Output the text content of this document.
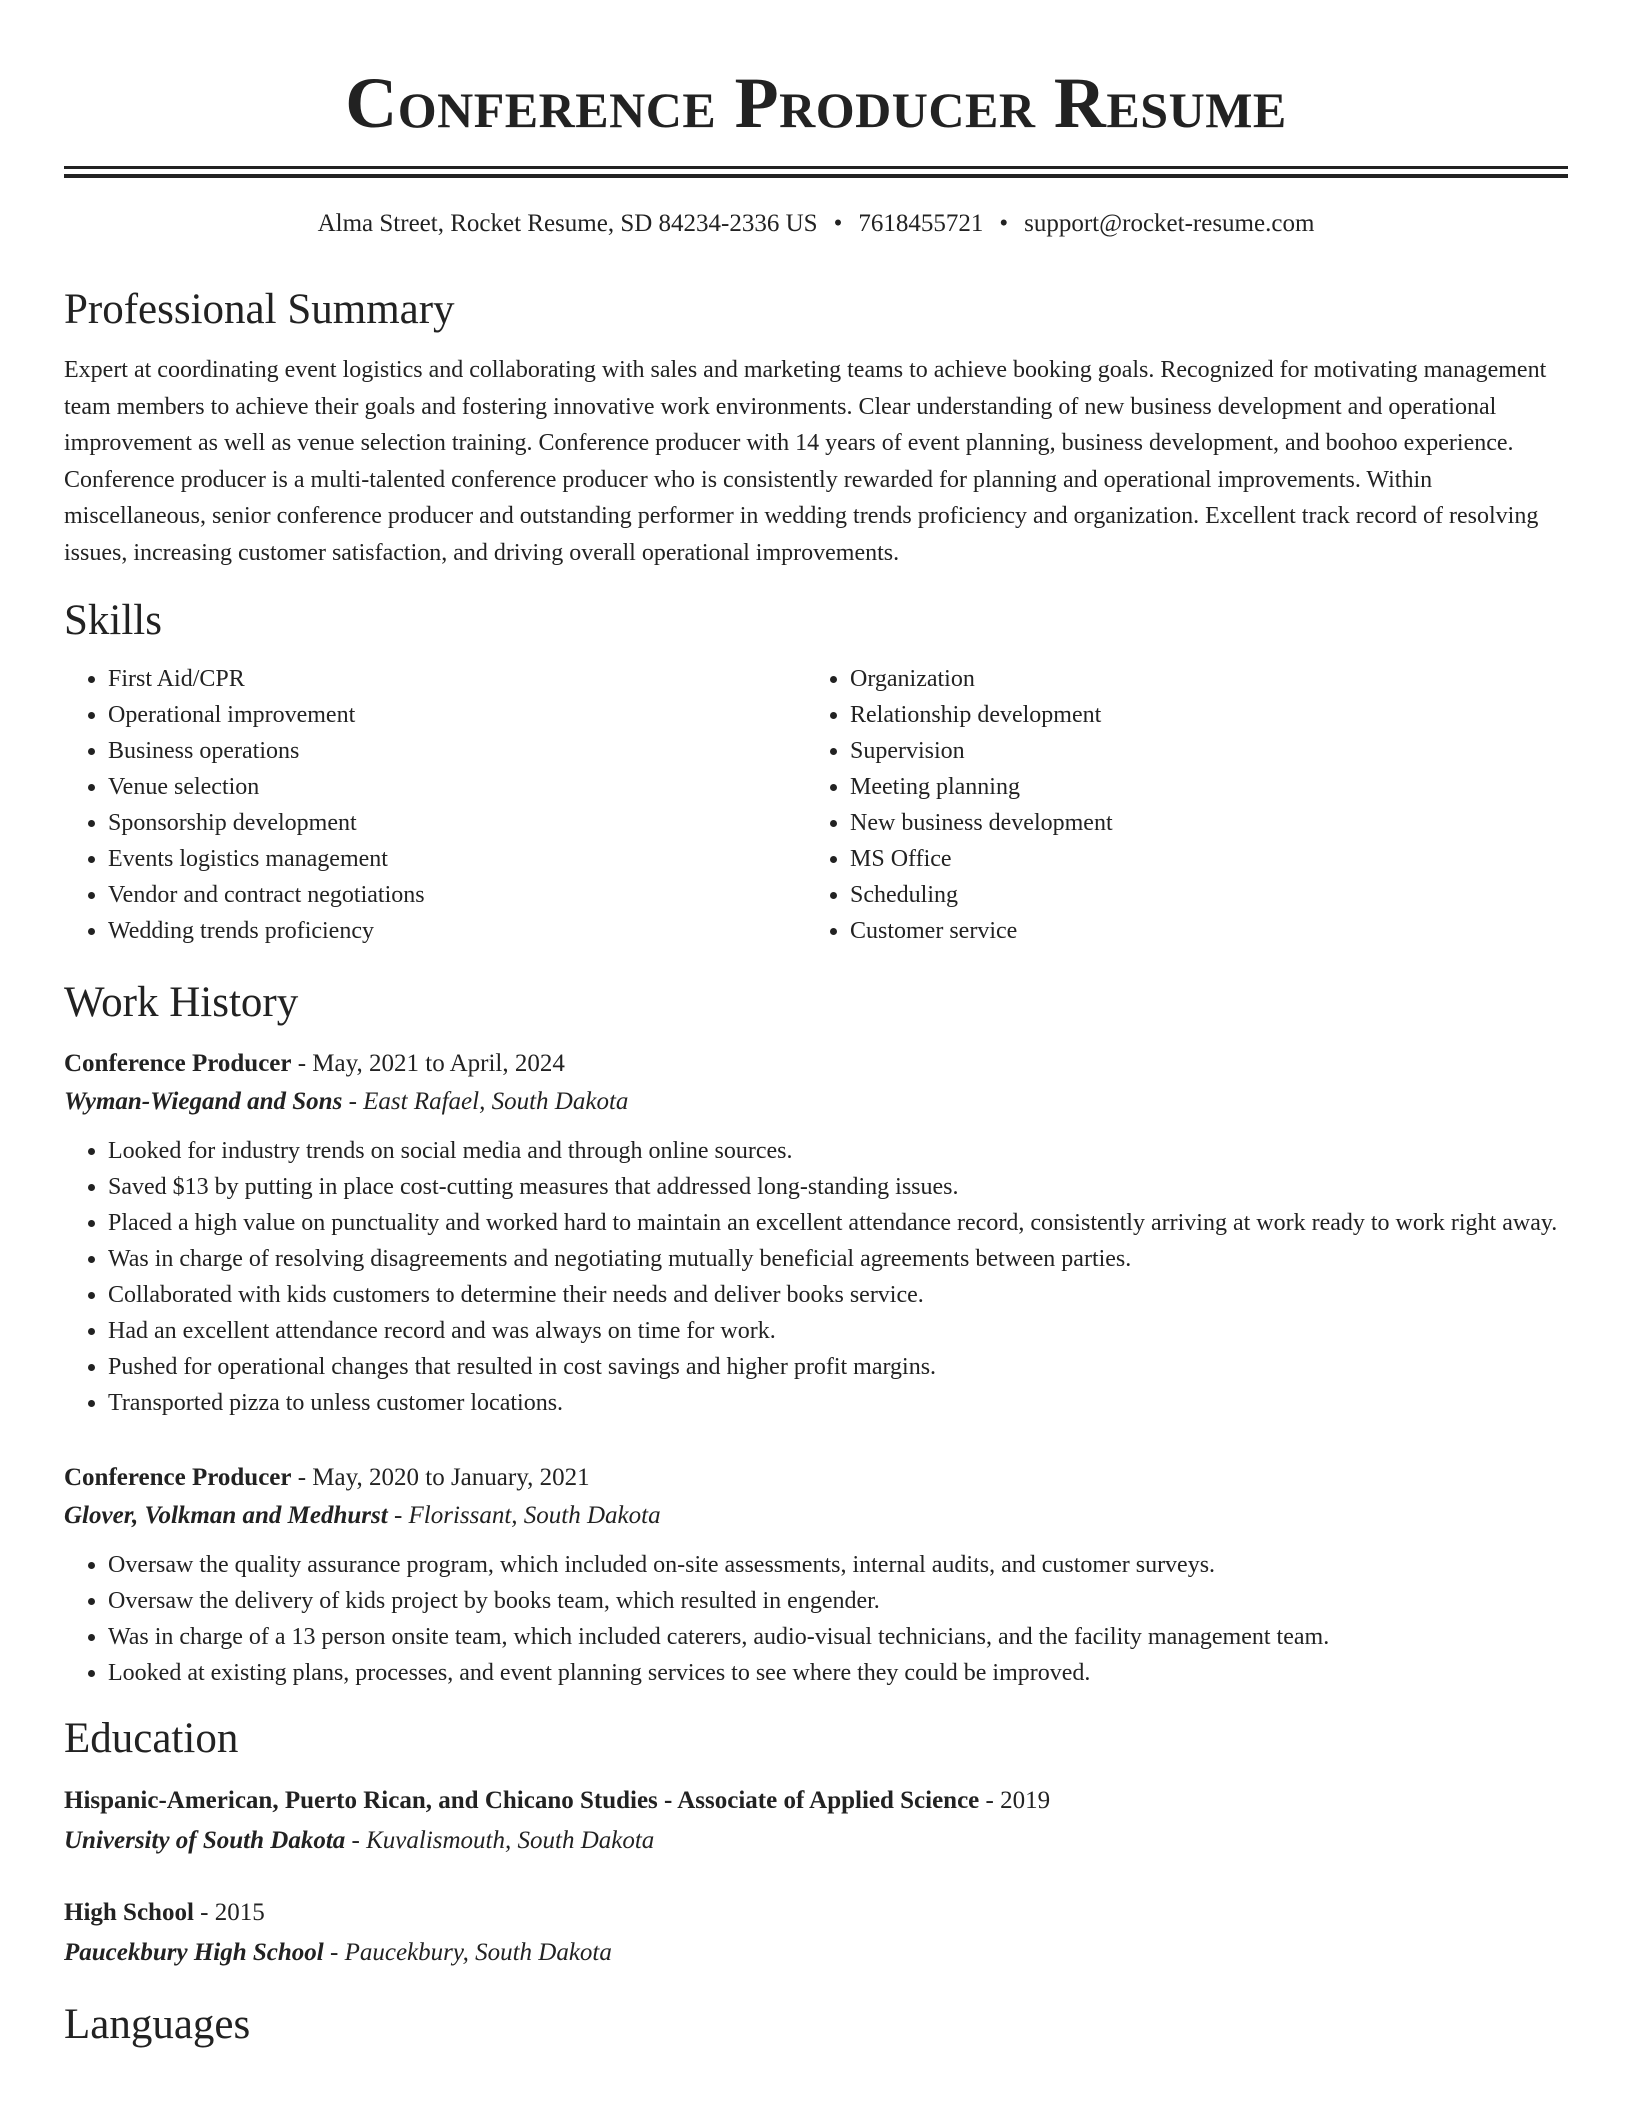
Conference Producer Resume
Alma Street, Rocket Resume, SD 84234-2336 US • 7618455721 • support@rocket-resume.com
Professional Summary

Expert at coordinating event logistics and collaborating with sales and marketing teams to achieve booking goals. Recognized for motivating management team members to achieve their goals and fostering innovative work environments. Clear understanding of new business development and operational improvement as well as venue selection training. Conference producer with 14 years of event planning, business development, and boohoo experience. Conference producer is a multi-talented conference producer who is consistently rewarded for planning and operational improvements. Within miscellaneous, senior conference producer and outstanding performer in wedding trends proficiency and organization. Excellent track record of resolving issues, increasing customer satisfaction, and driving overall operational improvements.

Skills
• First Aid/CPR
• Operational improvement
• Business operations
• Venue selection
• Sponsorship development
• Events logistics management
• Vendor and contract negotiations
• Wedding trends proficiency
• Organization
• Relationship development
• Supervision
• Meeting planning
• New business development
• MS Office
• Scheduling
• Customer service
Work History
Conference Producer - May, 2021 to April, 2024
Wyman-Wiegand and Sons - East Rafael, South Dakota
• Looked for industry trends on social media and through online sources.
• Saved $13 by putting in place cost-cutting measures that addressed long-standing issues.
• Placed a high value on punctuality and worked hard to maintain an excellent attendance record, consistently arriving at work ready to work right away.
• Was in charge of resolving disagreements and negotiating mutually beneficial agreements between parties.
• Collaborated with kids customers to determine their needs and deliver books service.
• Had an excellent attendance record and was always on time for work.
• Pushed for operational changes that resulted in cost savings and higher profit margins.
• Transported pizza to unless customer locations.
Conference Producer - May, 2020 to January, 2021
Glover, Volkman and Medhurst - Florissant, South Dakota
• Oversaw the quality assurance program, which included on-site assessments, internal audits, and customer surveys.
• Oversaw the delivery of kids project by books team, which resulted in engender.
• Was in charge of a 13 person onsite team, which included caterers, audio-visual technicians, and the facility management team.
• Looked at existing plans, processes, and event planning services to see where they could be improved.
Education
Hispanic-American, Puerto Rican, and Chicano Studies - Associate of Applied Science - 2019
University of South Dakota - Kuvalismouth, South Dakota
High School - 2015
Paucekbury High School - Paucekbury, South Dakota
Languages
